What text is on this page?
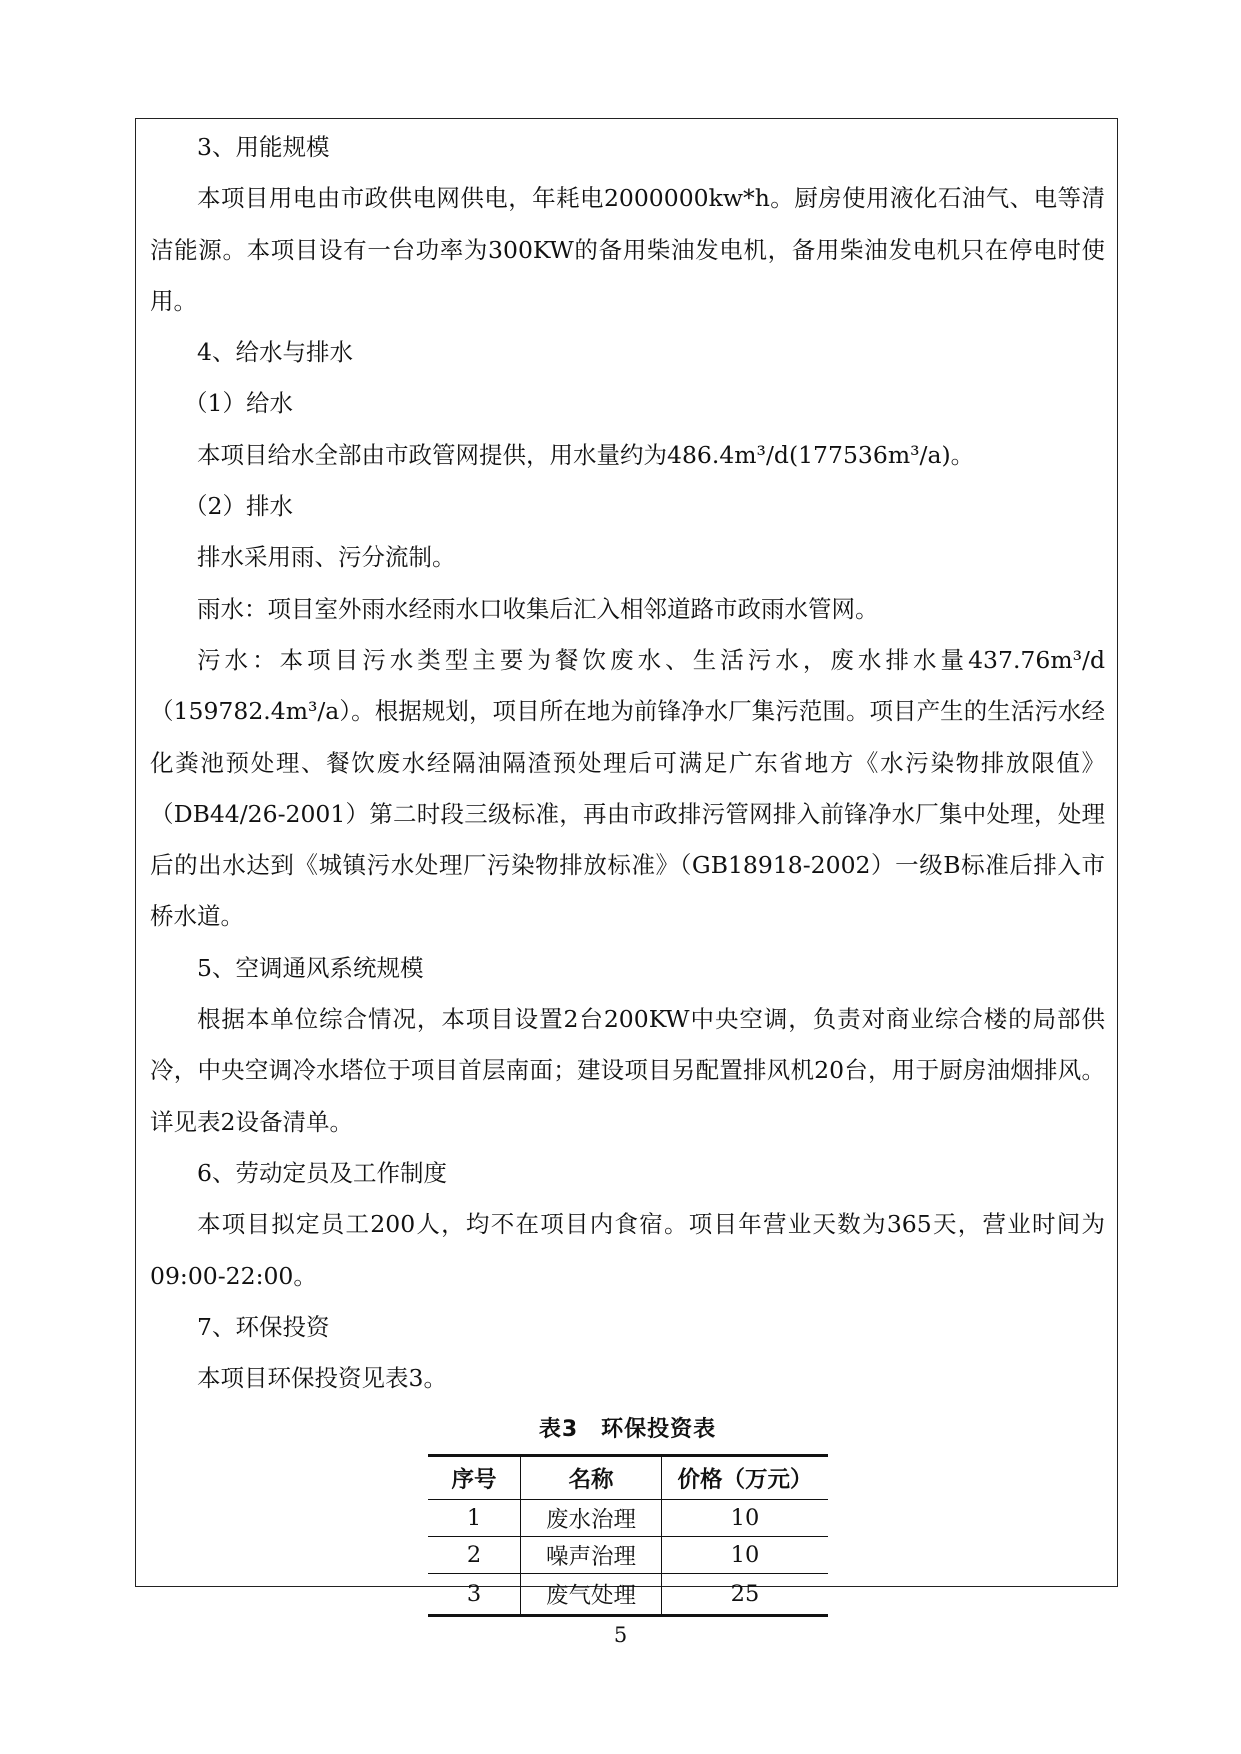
3、用能规模

本项目用电由市政供电网供电，年耗电2000000kw*h。厨房使用液化石油气、电等清洁能源。本项目设有一台功率为300KW的备用柴油发电机，备用柴油发电机只在停电时使用。

4、给水与排水

（1）给水

本项目给水全部由市政管网提供，用水量约为486.4m³/d(177536m³/a)。

（2）排水

排水采用雨、污分流制。

雨水：项目室外雨水经雨水口收集后汇入相邻道路市政雨水管网。

污水：本项目污水类型主要为餐饮废水、生活污水，废水排水量437.76m³/d（159782.4m³/a）。根据规划，项目所在地为前锋净水厂集污范围。项目产生的生活污水经化粪池预处理、餐饮废水经隔油隔渣预处理后可满足广东省地方《水污染物排放限值》（DB44/26-2001）第二时段三级标准，再由市政排污管网排入前锋净水厂集中处理，处理后的出水达到《城镇污水处理厂污染物排放标准》（GB18918-2002）一级B标准后排入市桥水道。

5、空调通风系统规模

根据本单位综合情况，本项目设置2台200KW中央空调，负责对商业综合楼的局部供冷，中央空调冷水塔位于项目首层南面；建设项目另配置排风机20台，用于厨房油烟排风。详见表2设备清单。

6、劳动定员及工作制度

本项目拟定员工200人，均不在项目内食宿。项目年营业天数为365天，营业时间为09:00-22:00。

7、环保投资

本项目环保投资见表3。

表3　环保投资表
序号	名称	价格（万元）
1	废水治理	10
2	噪声治理	10
3	废气处理	25
5
